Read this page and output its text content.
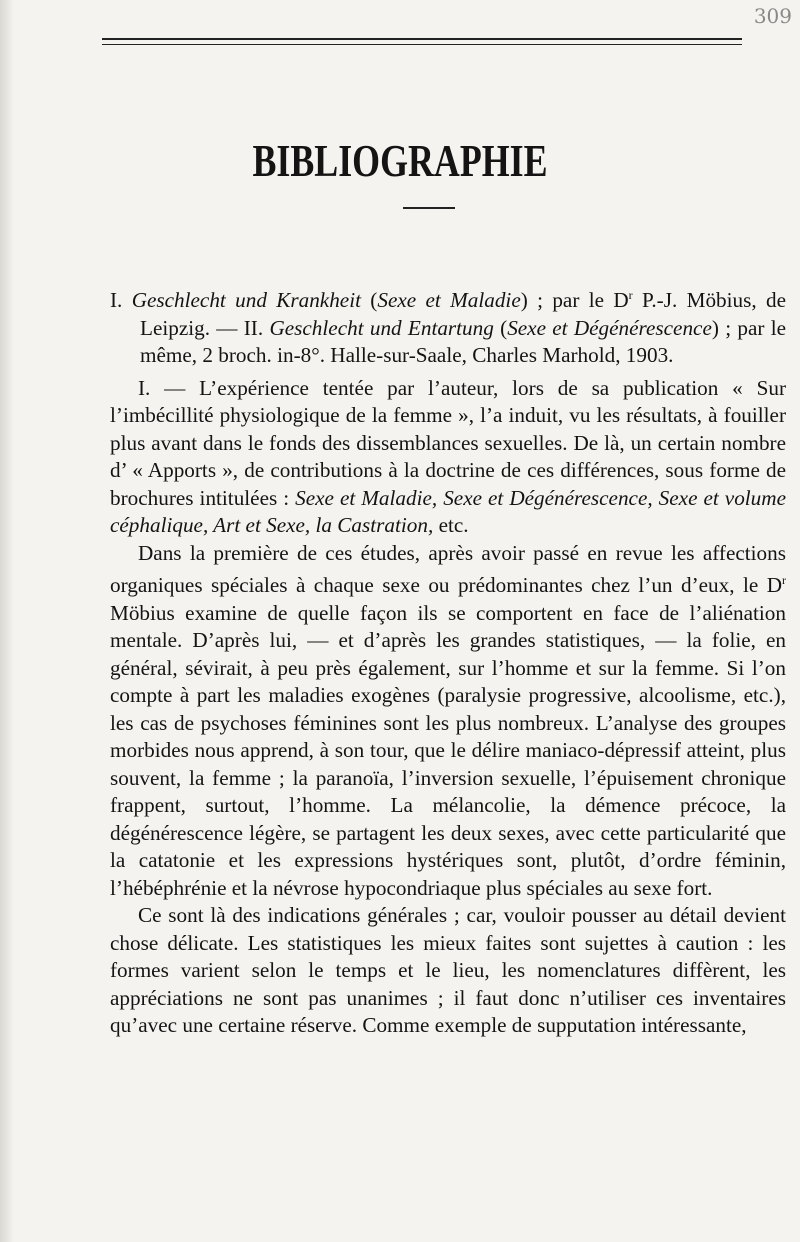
309
BIBLIOGRAPHIE

I. Geschlecht und Krankheit (Sexe et Maladie) ; par le $D^r$ P.-J. Möbius, de Leipzig. — II. Geschlecht und Entartung (Sexe et Dégénérescence) ; par le même, 2 broch. in-8°. Halle-sur-Saale, Charles Marhold, 1903.

I. — L’expérience tentée par l’auteur, lors de sa publication « Sur l’imbécillité physiologique de la femme », l’a induit, vu les résultats, à fouiller plus avant dans le fonds des dissemblances sexuelles. De là, un certain nombre d’ « Apports », de contributions à la doctrine de ces différences, sous forme de brochures intitulées : Sexe et Maladie, Sexe et Dégénérescence, Sexe et volume céphalique, Art et Sexe, la Castration, etc.

Dans la première de ces études, après avoir passé en revue les affections organiques spéciales à chaque sexe ou prédominantes chez l’un d’eux, le $D^r$ Möbius examine de quelle façon ils se comportent en face de l’aliénation mentale. D’après lui, — et d’après les grandes statistiques, — la folie, en général, sévirait, à peu près également, sur l’homme et sur la femme. Si l’on compte à part les maladies exogènes (paralysie progressive, alcoolisme, etc.), les cas de psychoses féminines sont les plus nombreux. L’analyse des groupes morbides nous apprend, à son tour, que le délire maniaco-dépressif atteint, plus souvent, la femme ; la paranoïa, l’inversion sexuelle, l’épuisement chronique frappent, surtout, l’homme. La mélancolie, la démence précoce, la dégénérescence légère, se partagent les deux sexes, avec cette particularité que la catatonie et les expressions hystériques sont, plutôt, d’ordre féminin, l’hébéphrénie et la névrose hypocondriaque plus spéciales au sexe fort.

Ce sont là des indications générales ; car, vouloir pousser au détail devient chose délicate. Les statistiques les mieux faites sont sujettes à caution : les formes varient selon le temps et le lieu, les nomenclatures diffèrent, les appréciations ne sont pas unanimes ; il faut donc n’utiliser ces inventaires qu’avec une certaine réserve. Comme exemple de supputation intéressante,
